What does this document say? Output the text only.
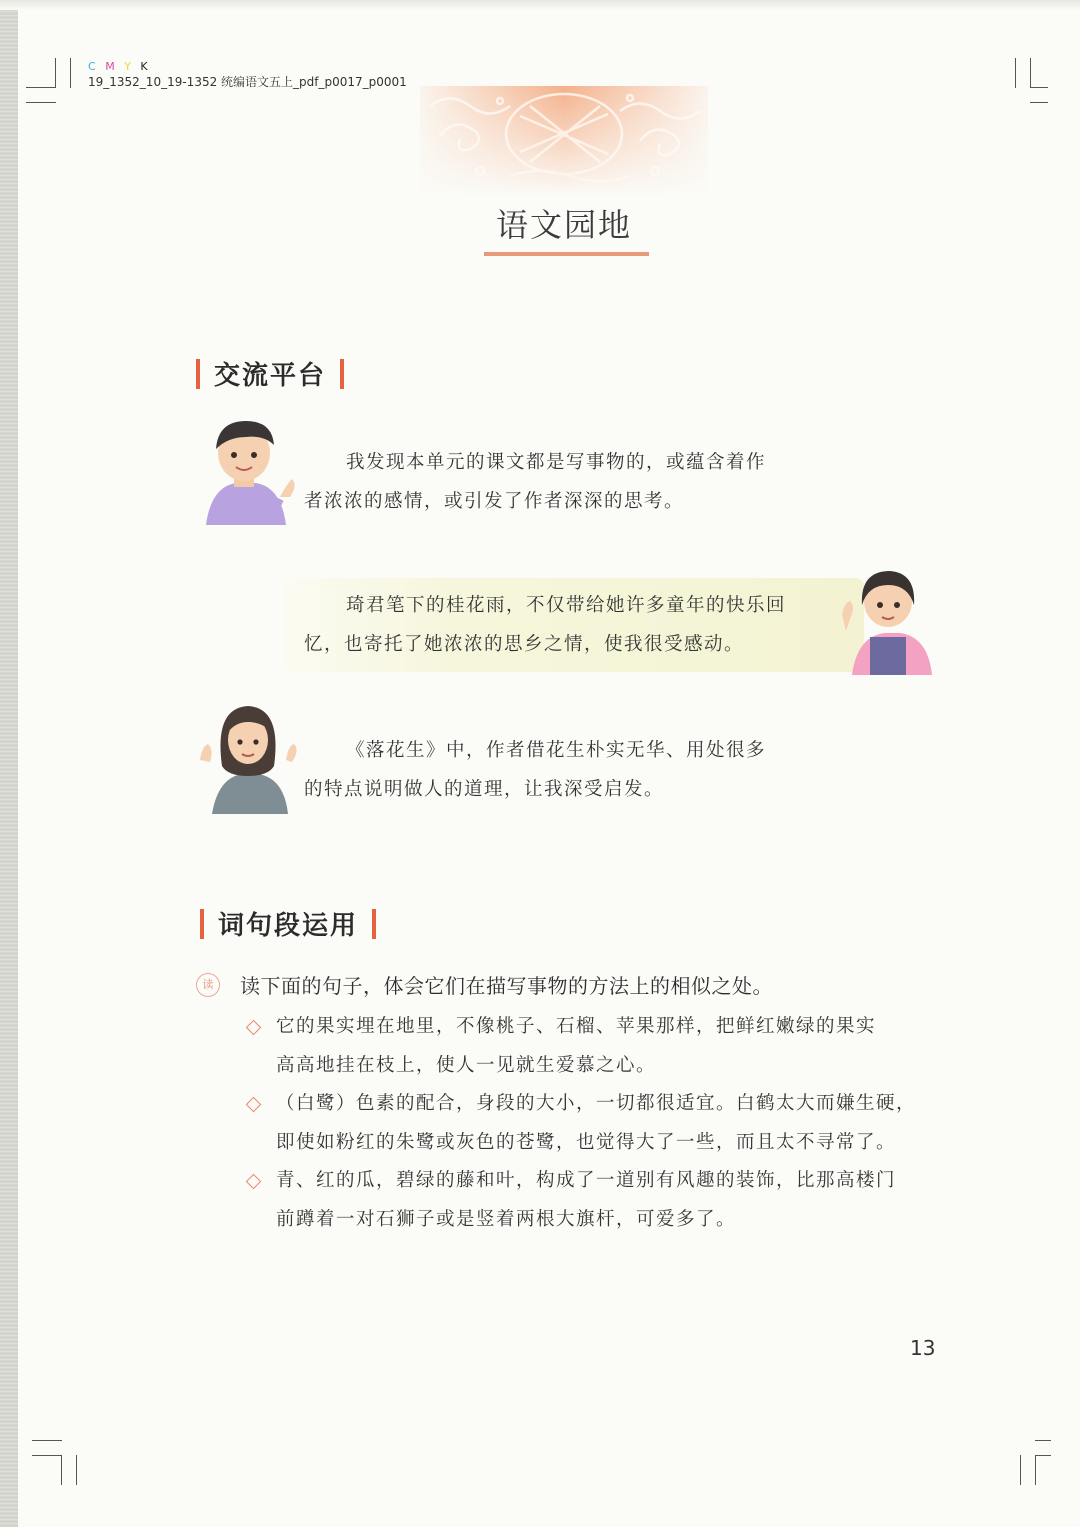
C M Y K
19_1352_10_19-1352 统编语文五上_pdf_p0017_p0001
语文园地
交流平台
我发现本单元的课文都是写事物的，或蕴含着作
者浓浓的感情，或引发了作者深深的思考。
琦君笔下的桂花雨，不仅带给她许多童年的快乐回
忆，也寄托了她浓浓的思乡之情，使我很受感动。
《落花生》中，作者借花生朴实无华、用处很多
的特点说明做人的道理，让我深受启发。
词句段运用
读	读下面的句子，体会它们在描写事物的方法上的相似之处。
它的果实埋在地里，不像桃子、石榴、苹果那样，把鲜红嫩绿的果实
高高地挂在枝上，使人一见就生爱慕之心。
（白鹭）色素的配合，身段的大小，一切都很适宜。白鹤太大而嫌生硬，
即使如粉红的朱鹭或灰色的苍鹭，也觉得大了一些，而且太不寻常了。
青、红的瓜，碧绿的藤和叶，构成了一道别有风趣的装饰，比那高楼门
前蹲着一对石狮子或是竖着两根大旗杆，可爱多了。
13
